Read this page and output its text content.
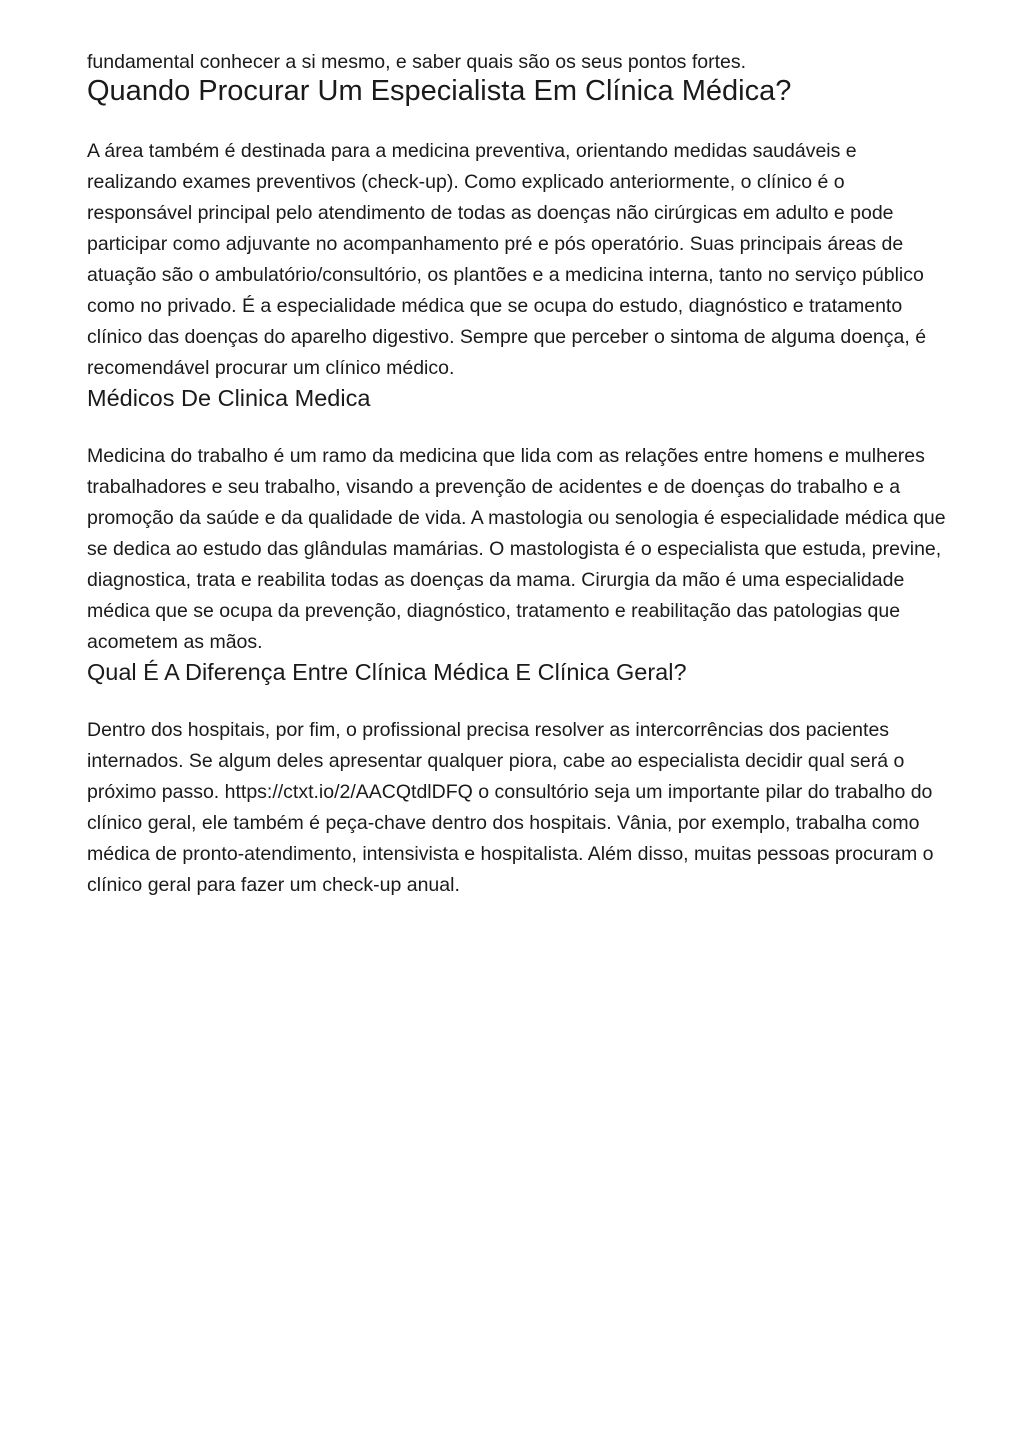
fundamental conhecer a si mesmo, e saber quais são os seus pontos fortes.

Quando Procurar Um Especialista Em Clínica Médica?

A área também é destinada para a medicina preventiva, orientando medidas saudáveis e realizando exames preventivos (check-up). Como explicado anteriormente, o clínico é o responsável principal pelo atendimento de todas as doenças não cirúrgicas em adulto e pode participar como adjuvante no acompanhamento pré e pós operatório. Suas principais áreas de atuação são o ambulatório/consultório, os plantões e a medicina interna, tanto no serviço público como no privado. É a especialidade médica que se ocupa do estudo, diagnóstico e tratamento clínico das doenças do aparelho digestivo. Sempre que perceber o sintoma de alguma doença, é recomendável procurar um clínico médico.

Médicos De Clinica Medica

Medicina do trabalho é um ramo da medicina que lida com as relações entre homens e mulheres trabalhadores e seu trabalho, visando a prevenção de acidentes e de doenças do trabalho e a promoção da saúde e da qualidade de vida. A mastologia ou senologia é especialidade médica que se dedica ao estudo das glândulas mamárias. O mastologista é o especialista que estuda, previne, diagnostica, trata e reabilita todas as doenças da mama. Cirurgia da mão é uma especialidade médica que se ocupa da prevenção, diagnóstico, tratamento e reabilitação das patologias que acometem as mãos.

Qual É A Diferença Entre Clínica Médica E Clínica Geral?

Dentro dos hospitais, por fim, o profissional precisa resolver as intercorrências dos pacientes internados. Se algum deles apresentar qualquer piora, cabe ao especialista decidir qual será o próximo passo. https://ctxt.io/2/AACQtdlDFQ o consultório seja um importante pilar do trabalho do clínico geral, ele também é peça-chave dentro dos hospitais. Vânia, por exemplo, trabalha como médica de pronto-atendimento, intensivista e hospitalista. Além disso, muitas pessoas procuram o clínico geral para fazer um check-up anual.
